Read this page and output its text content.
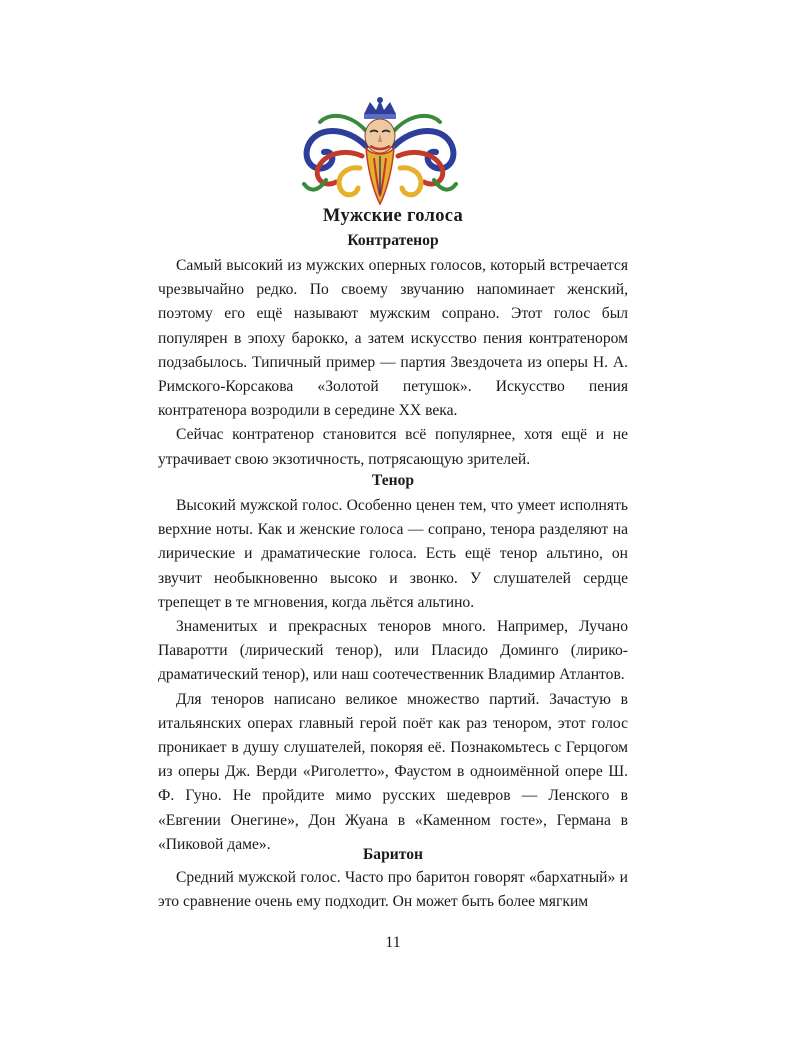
Мужские голоса
Контратенор

Самый высокий из мужских оперных голосов, который встречается чрезвычайно редко. По своему звучанию напоминает женский, поэтому его ещё называют мужским сопрано. Этот голос был популярен в эпоху барокко, а затем искусство пения контратенором подзабылось. Типичный пример — партия Звездочета из оперы Н. А. Римского-Корсакова «Золотой петушок». Искусство пения контратенора возродили в середине XX века.

Сейчас контратенор становится всё популярнее, хотя ещё и не утрачивает свою экзотичность, потрясающую зрителей.

Тенор

Высокий мужской голос. Особенно ценен тем, что умеет исполнять верхние ноты. Как и женские голоса — сопрано, тенора разделяют на лирические и драматические голоса. Есть ещё тенор альтино, он звучит необыкновенно высоко и звонко. У слушателей сердце трепещет в те мгновения, когда льётся альтино.

Знаменитых и прекрасных теноров много. Например, Лучано Паваротти (лирический тенор), или Пласидо Доминго (лирико-драматический тенор), или наш соотечественник Владимир Атлантов.

Для теноров написано великое множество партий. Зачастую в итальянских операх главный герой поёт как раз тенором, этот голос проникает в душу слушателей, покоряя её. Познакомьтесь с Герцогом из оперы Дж. Верди «Риголетто», Фаустом в одноимённой опере Ш. Ф. Гуно. Не пройдите мимо русских шедевров — Ленского в «Евгении Онегине», Дон Жуана в «Каменном госте», Германа в «Пиковой даме».

Баритон

Средний мужской голос. Часто про баритон говорят «бархатный» и это сравнение очень ему подходит. Он может быть более мягким

11
